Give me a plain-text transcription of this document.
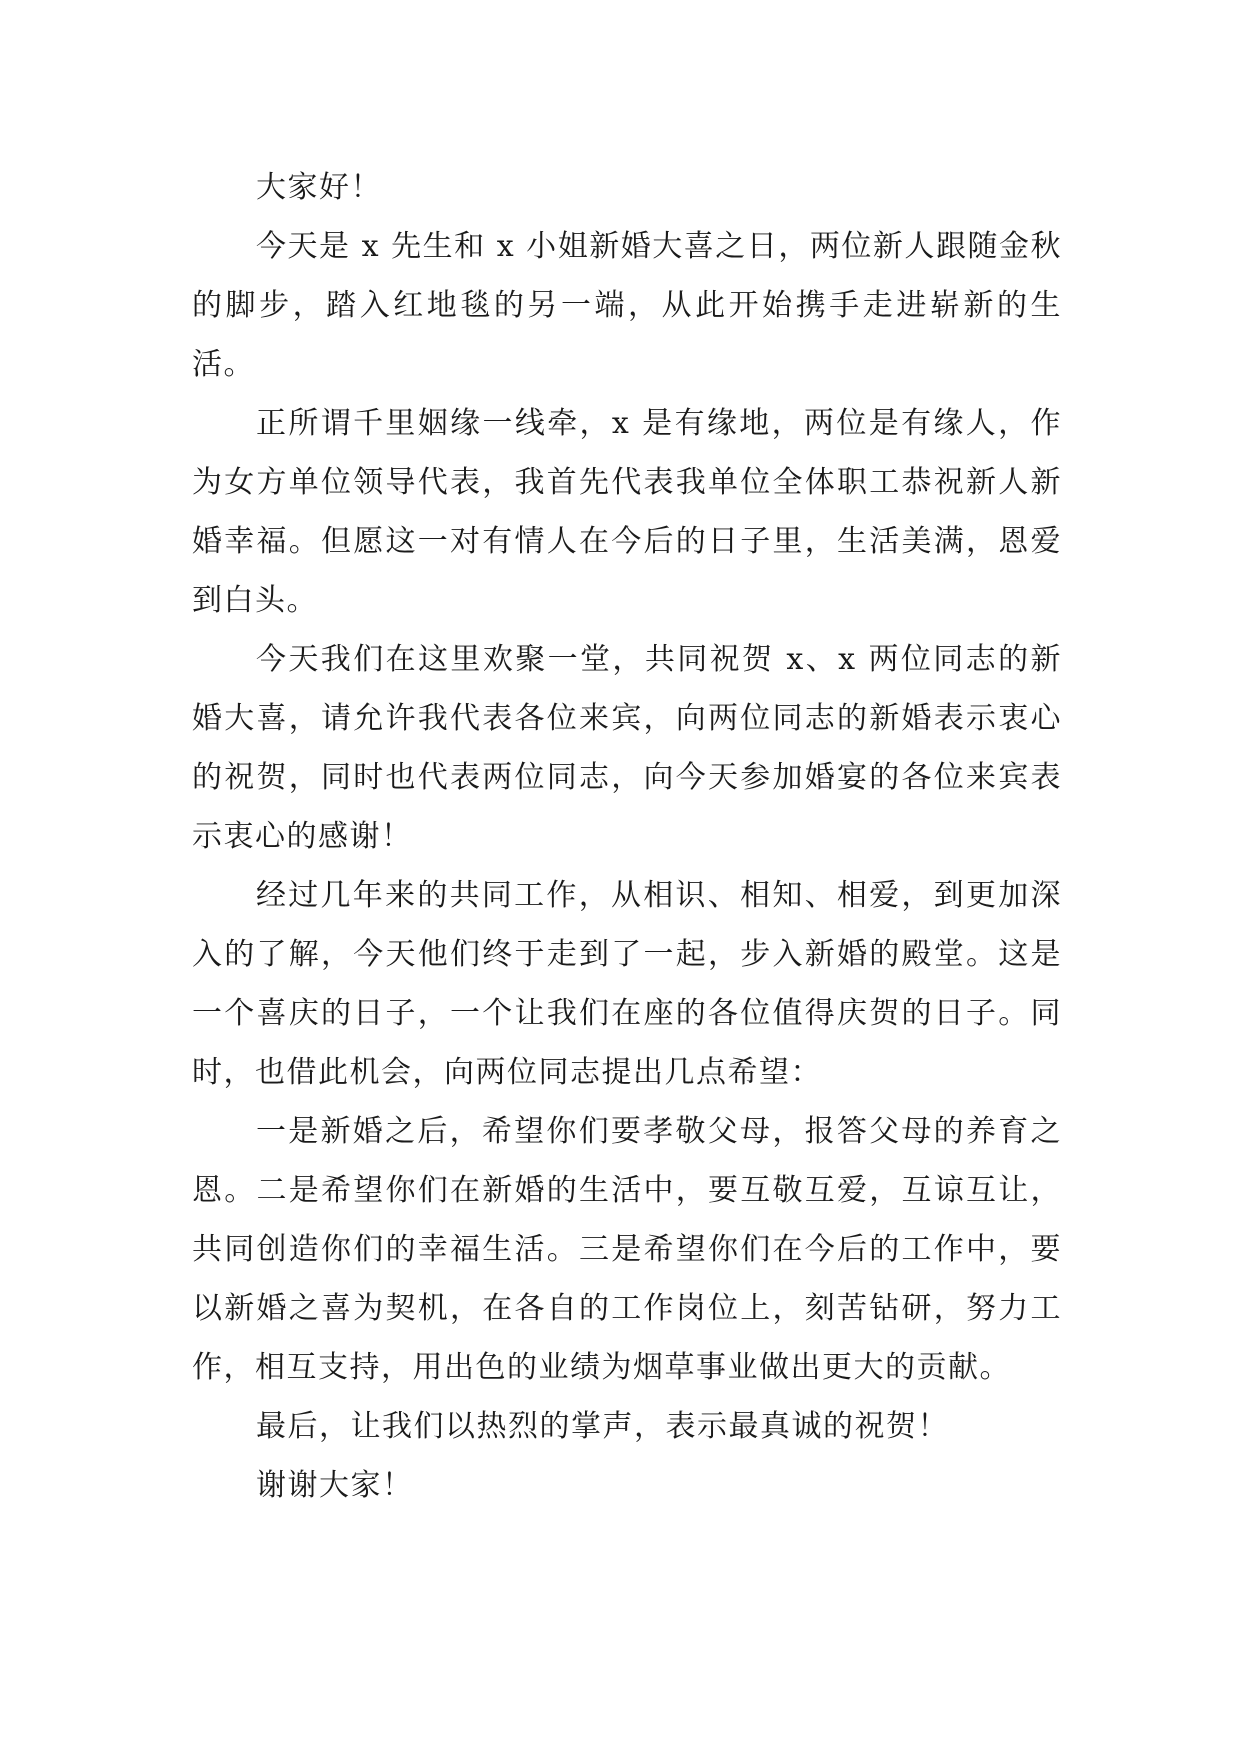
大家好！

今天是 x 先生和 x 小姐新婚大喜之日，两位新人跟随金秋的脚步，踏入红地毯的另一端，从此开始携手走进崭新的生活。

正所谓千里姻缘一线牵，x 是有缘地，两位是有缘人，作为女方单位领导代表，我首先代表我单位全体职工恭祝新人新婚幸福。但愿这一对有情人在今后的日子里，生活美满，恩爱到白头。

今天我们在这里欢聚一堂，共同祝贺 x、x 两位同志的新婚大喜，请允许我代表各位来宾，向两位同志的新婚表示衷心的祝贺，同时也代表两位同志，向今天参加婚宴的各位来宾表示衷心的感谢！

经过几年来的共同工作，从相识、相知、相爱，到更加深入的了解，今天他们终于走到了一起，步入新婚的殿堂。这是一个喜庆的日子，一个让我们在座的各位值得庆贺的日子。同时，也借此机会，向两位同志提出几点希望：

一是新婚之后，希望你们要孝敬父母，报答父母的养育之恩。二是希望你们在新婚的生活中，要互敬互爱，互谅互让，共同创造你们的幸福生活。三是希望你们在今后的工作中，要以新婚之喜为契机，在各自的工作岗位上，刻苦钻研，努力工作，相互支持，用出色的业绩为烟草事业做出更大的贡献。

最后，让我们以热烈的掌声，表示最真诚的祝贺！

谢谢大家！
